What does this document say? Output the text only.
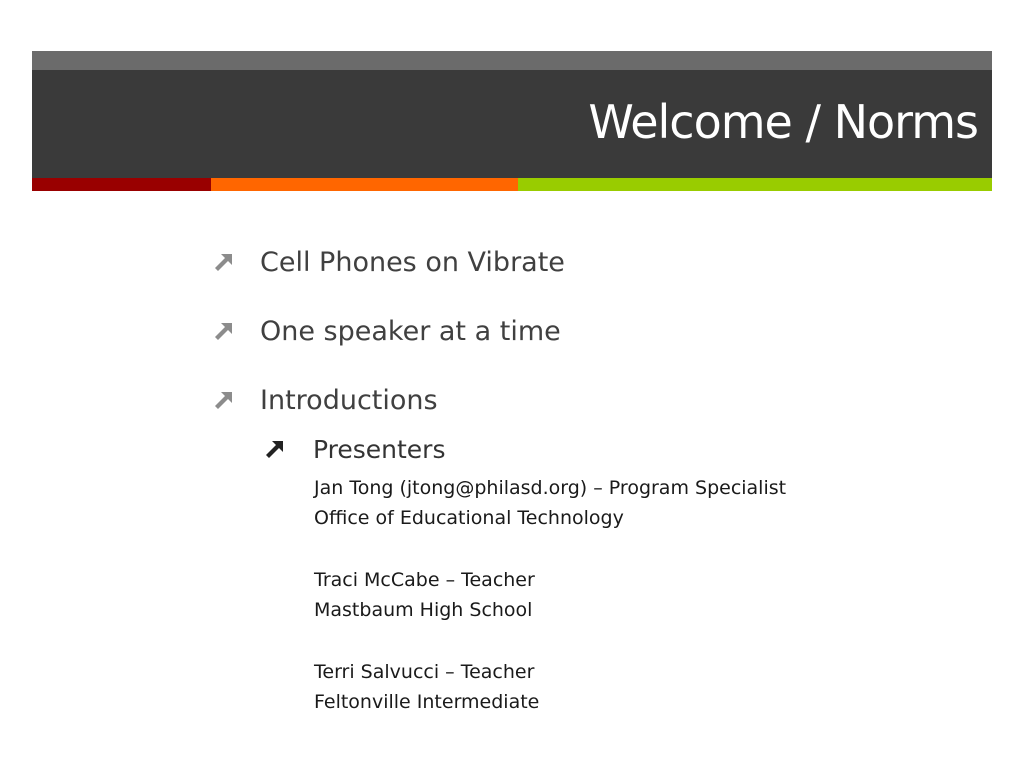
Welcome / Norms
Cell Phones on Vibrate
One speaker at a time
Introductions
Presenters

Jan Tong (jtong@philasd.org) – Program Specialist

Office of Educational Technology

Traci McCabe – Teacher

Mastbaum High School

Terri Salvucci – Teacher

Feltonville Intermediate
